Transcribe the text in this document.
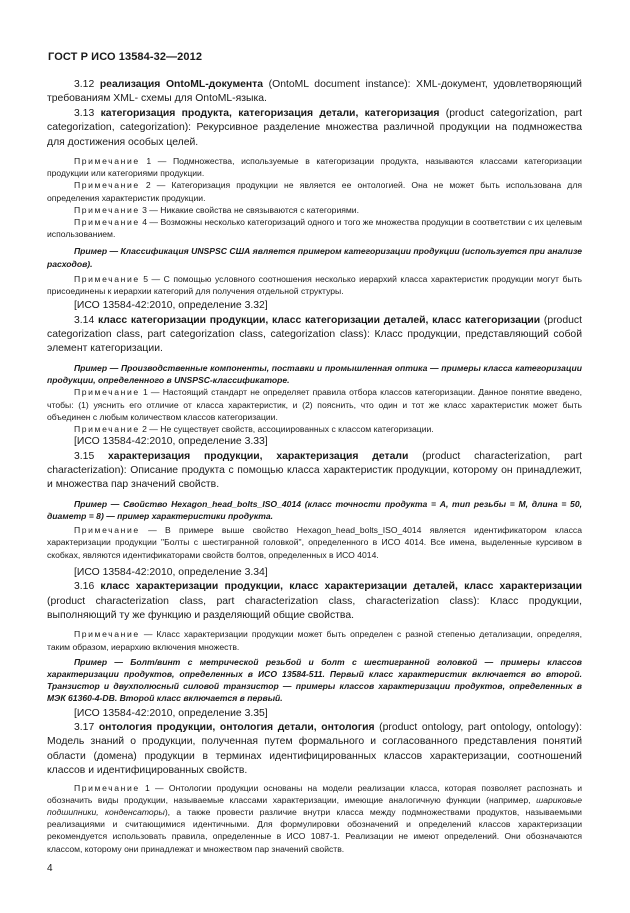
ГОСТ Р ИСО 13584-32—2012

3.12 реализация OntoML-документа (OntoML document instance): XML-документ, удовлетворяющий требованиям XML- схемы для OntoML-языка.

3.13 категоризация продукта, категоризация детали, категоризация (product categorization, part categorization, categorization): Рекурсивное разделение множества различной продукции на подмножества для достижения особых целей.

Примечание 1 — Подмножества, используемые в категоризации продукта, называются классами категоризации продукции или категориями продукции.

Примечание 2 — Категоризация продукции не является ее онтологией. Она не может быть использована для определения характеристик продукции.

Примечание 3 — Никакие свойства не связываются с категориями.

Примечание 4 — Возможны несколько категоризаций одного и того же множества продукции в соответствии с их целевым использованием.

Пример — Классификация UNSPSC США является примером категоризации продукции (используется при анализе расходов).

Примечание 5 — С помощью условного соотношения несколько иерархий класса характеристик продукции могут быть присоединены к иерархии категорий для получения отдельной структуры.

[ИСО 13584-42:2010, определение 3.32]

3.14 класс категоризации продукции, класс категоризации деталей, класс категоризации (product categorization class, part categorization class, categorization class): Класс продукции, представляющий собой элемент категоризации.

Пример — Производственные компоненты, поставки и промышленная оптика — примеры класса категоризации продукции, определенного в UNSPSC-классификаторе.

Примечание 1 — Настоящий стандарт не определяет правила отбора классов категоризации. Данное понятие введено, чтобы: (1) уяснить его отличие от класса характеристик, и (2) пояснить, что один и тот же класс характеристик может быть объединен с любым количеством классов категоризации.

Примечание 2 — Не существует свойств, ассоциированных с классом категоризации.

[ИСО 13584-42:2010, определение 3.33]

3.15 характеризация продукции, характеризация детали (product characterization, part characterization): Описание продукта с помощью класса характеристик продукции, которому он принадлежит, и множества пар значений свойств.

Пример — Свойство Hexagon_head_bolts_ISO_4014 (класс точности продукта = А, тип резьбы = М, длина = 50, диаметр = 8) — пример характеристики продукта.

Примечание — В примере выше свойство Hexagon_head_bolts_ISO_4014 является идентификатором класса характеризации продукции "Болты с шестигранной головкой", определенного в ИСО 4014. Все имена, выделенные курсивом в скобках, являются идентификаторами свойств болтов, определенных в ИСО 4014.

[ИСО 13584-42:2010, определение 3.34]

3.16 класс характеризации продукции, класс характеризации деталей, класс характеризации (product characterization class, part characterization class, characterization class): Класс продукции, выполняющий ту же функцию и разделяющий общие свойства.

Примечание — Класс характеризации продукции может быть определен с разной степенью детализации, определяя, таким образом, иерархию включения множеств.

Пример — Болт/винт с метрической резьбой и болт с шестигранной головкой — примеры классов характеризации продуктов, определенных в ИСО 13584-511. Первый класс характеристик включается во второй. Транзистор и двухполюсный силовой транзистор — примеры классов характеризации продуктов, определенных в МЭК 61360-4-DB. Второй класс включается в первый.

[ИСО 13584-42:2010, определение 3.35]

3.17 онтология продукции, онтология детали, онтология (product ontology, part ontology, ontology): Модель знаний о продукции, полученная путем формального и согласованного представления понятий области (домена) продукции в терминах идентифицированных классов характеризации, соотношений классов и идентифицированных свойств.

Примечание 1 — Онтологии продукции основаны на модели реализации класса, которая позволяет распознать и обозначить виды продукции, называемые классами характеризации, имеющие аналогичную функции (например, шариковые подшипники, конденсаторы), а также провести различие внутри класса между подмножествами продуктов, называемыми реализациями и считающимися идентичными. Для формулировки обозначений и определений классов характеризации рекомендуется использовать правила, определенные в ИСО 1087-1. Реализации не имеют определений. Они обозначаются классом, которому они принадлежат и множеством пар значений свойств.

4
